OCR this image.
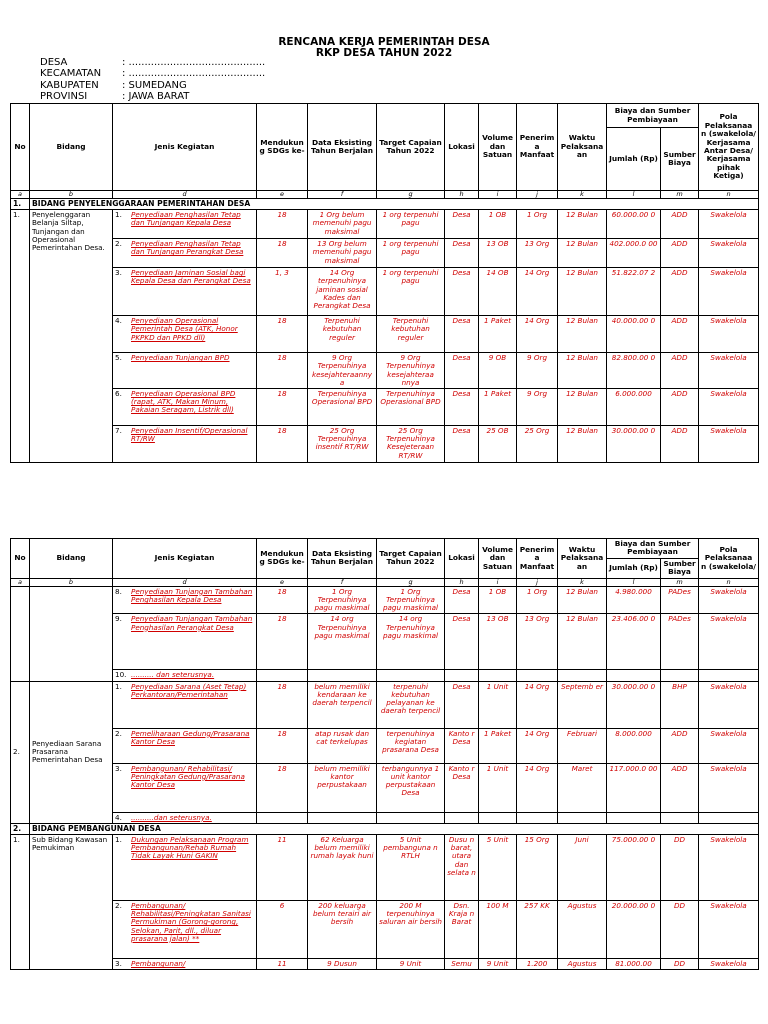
RENCANA KERJA PEMERINTAH DESA
RKP DESA TAHUN 2022
DESA	: ...........................................
KECAMATAN : ...........................................
KABUPATEN : SUMEDANG
PROVINSI	: JAWA BARAT
No	Bidang	Jenis Kegiatan	Mendukun g SDGs ke-	Data Eksisting Tahun Berjalan	Target Capaian Tahun 2022	Lokasi	Volume dan Satuan	Penerim a Manfaat	Waktu Pelaksana an	Biaya dan Sumber Pembiayaan		Pola Pelaksanaa n (swakelola/ Kerjasama Antar Desa/ Kerjasama pihak Ketiga)
										Jumlah (Rp)	Sumber Biaya	
a	b	d	e	f	g	h	i	j	k	l	m	n
1.	BIDANG PENYELENGGARAAN PEMERINTAHAN DESA											
1.	Penyelenggaran Belanja Siltap, Tunjangan dan Operasional Pemerintahan Desa.	1. Penyediaan Penghasilan Tetap dan Tunjangan Kepala Desa	18	1 Org belum memenuhi pagu maksimal	1 org terpenuhi pagu	Desa	1 OB	1 Org	12 Bulan	60.000.00 0	ADD	Swakelola

		2. Penyediaan Penghasilan Tetap dan Tunjangan Perangkat Desa	18	13 Org belum memenuhi pagu maksimal	1 org terpenuhi pagu	Desa	13 OB	13 Org	12 Bulan	402.000.0 00	ADD	Swakelola

		3. Penyediaan Jaminan Sosial bagi Kepala Desa dan Perangkat Desa	1, 3	14 Org terpenuhinya jaminan sosial Kades dan Perangkat Desa	1 org terpenuhi pagu	Desa	14 OB	14 Org	12 Bulan	51.822.07 2	ADD	Swakelola

		4. Penyediaan Operasional Pemerintah Desa (ATK, Honor PKPKD dan PPKD dll)	18	Terpenuhi kebutuhan reguler	Terpenuhi kebutuhan reguler	Desa	1 Paket	14 Org	12 Bulan	40.000.00 0	ADD	Swakelola

		5. Penyediaan Tunjangan BPD	18	9 Org Terpenuhinya kesejahteraanny a	9 Org Terpenuhinya kesejahteraa nnya	Desa	9 OB	9 Org	12 Bulan	82.800.00 0	ADD	Swakelola

		6. Penyediaan Operasional BPD (rapat, ATK, Makan Minum, Pakaian Seragam, Listrik dll)	18	Terpenuhinya Operasional BPD	Terpenuhinya Operasional BPD	Desa	1 Paket	9 Org	12 Bulan	6.000.000	ADD	Swakelola

		7. Penyediaan Insentif/Operasional RT/RW	18	25 Org Terpenuhinya insentif RT/RW	25 Org Terpenuhinya Kesejeteraan RT/RW	Desa	25 OB	25 Org	12 Bulan	30.000.00 0	ADD	Swakelola
No	Bidang	Jenis Kegiatan	Mendukun g SDGs ke-	Data Eksisting Tahun Berjalan	Target Capaian Tahun 2022	Lokasi	Volume dan Satuan	Penerim a Manfaat	Waktu Pelaksana an	Biaya dan Sumber Pembiayaan		Pola Pelaksanaa n (swakelola/
										Jumlah (Rp)	Sumber Biaya	
a	b	d	e	f	g	h	i	j	k	l	m	n

		8. Penyediaan Tunjangan Tambahan Penghasilan Kepala Desa	18	1 Org Terpenuhinya pagu maskimal	1 Org Terpenuhinya pagu maskimal	Desa	1 OB	1 Org	12 Bulan	4.980.000	PADes	Swakelola

		9. Penyediaan Tunjangan Tambahan Penghasilan Perangkat Desa	18	14 org Terpenuhinya pagu maskimal	14 org Terpenuhinya pagu maskimal	Desa	13 OB	13 Org	12 Bulan	23.406.00 0	PADes	Swakelola

		10. .......... dan seterusnya.										

2.	Penyediaan Sarana Prasarana Pemerintahan Desa	1. Penyediaan Sarana (Aset Tetap) Perkantoran/Pemerintahan	18	belum memiliki kendaraan ke daerah terpencil	terpenuhi kebutuhan pelayanan ke daerah terpencil	Desa	1 Unit	14 Org	Septemb er	30.000.00 0	BHP	Swakelola

		2. Pemeliharaan Gedung/Prasarana Kantor Desa	18	atap rusak dan cat terkelupas	terpenuhinya kegiatan prasarana Desa	Kanto r Desa	1 Paket	14 Org	Februari	8.000.000	ADD	Swakelola

		3. Pembangunan/ Rehabilitasi/ Peningkatan Gedung/Prasarana Kantor Desa	18	belum memiliki kantor perpustakaan	terbangunnya 1 unit kantor perpustakaan Desa	Kanto r Desa	1 Unit	14 Org	Maret	117.000.0 00	ADD	Swakelola

		4. ..........dan seterusnya.										

2.	BIDANG PEMBANGUNAN DESA											
1.	Sub Bidang Kawasan Pemukiman	1. Dukungan Pelaksanaan Program Pembangunan/Rehab Rumah Tidak Layak Huni GAKIN	11	62 Keluarga belum memiliki rumah layak huni	5 Unit pembanguna n RTLH	Dusu n barat, utara dan selata n	5 Unit	15 Org	Juni	75.000.00 0	DD	Swakelola

		2. Pembangunan/ Rehabilitasi/Peningkatan Sanitasi Permukiman (Gorong-gorong, Selokan, Parit, dll., diluar prasarana jalan) **	6	200 keluarga belum terairi air bersih	200 M terpenuhinya saluran air bersih	Dsn. Kraja n Barat	100 M	257 KK	Agustus	20.000.00 0	DD	Swakelola

		3. Pembangunan/	11	9 Dusun	9 Unit	Semu	9 Unit	1.200	Agustus	81.000.00	DD	Swakelola
